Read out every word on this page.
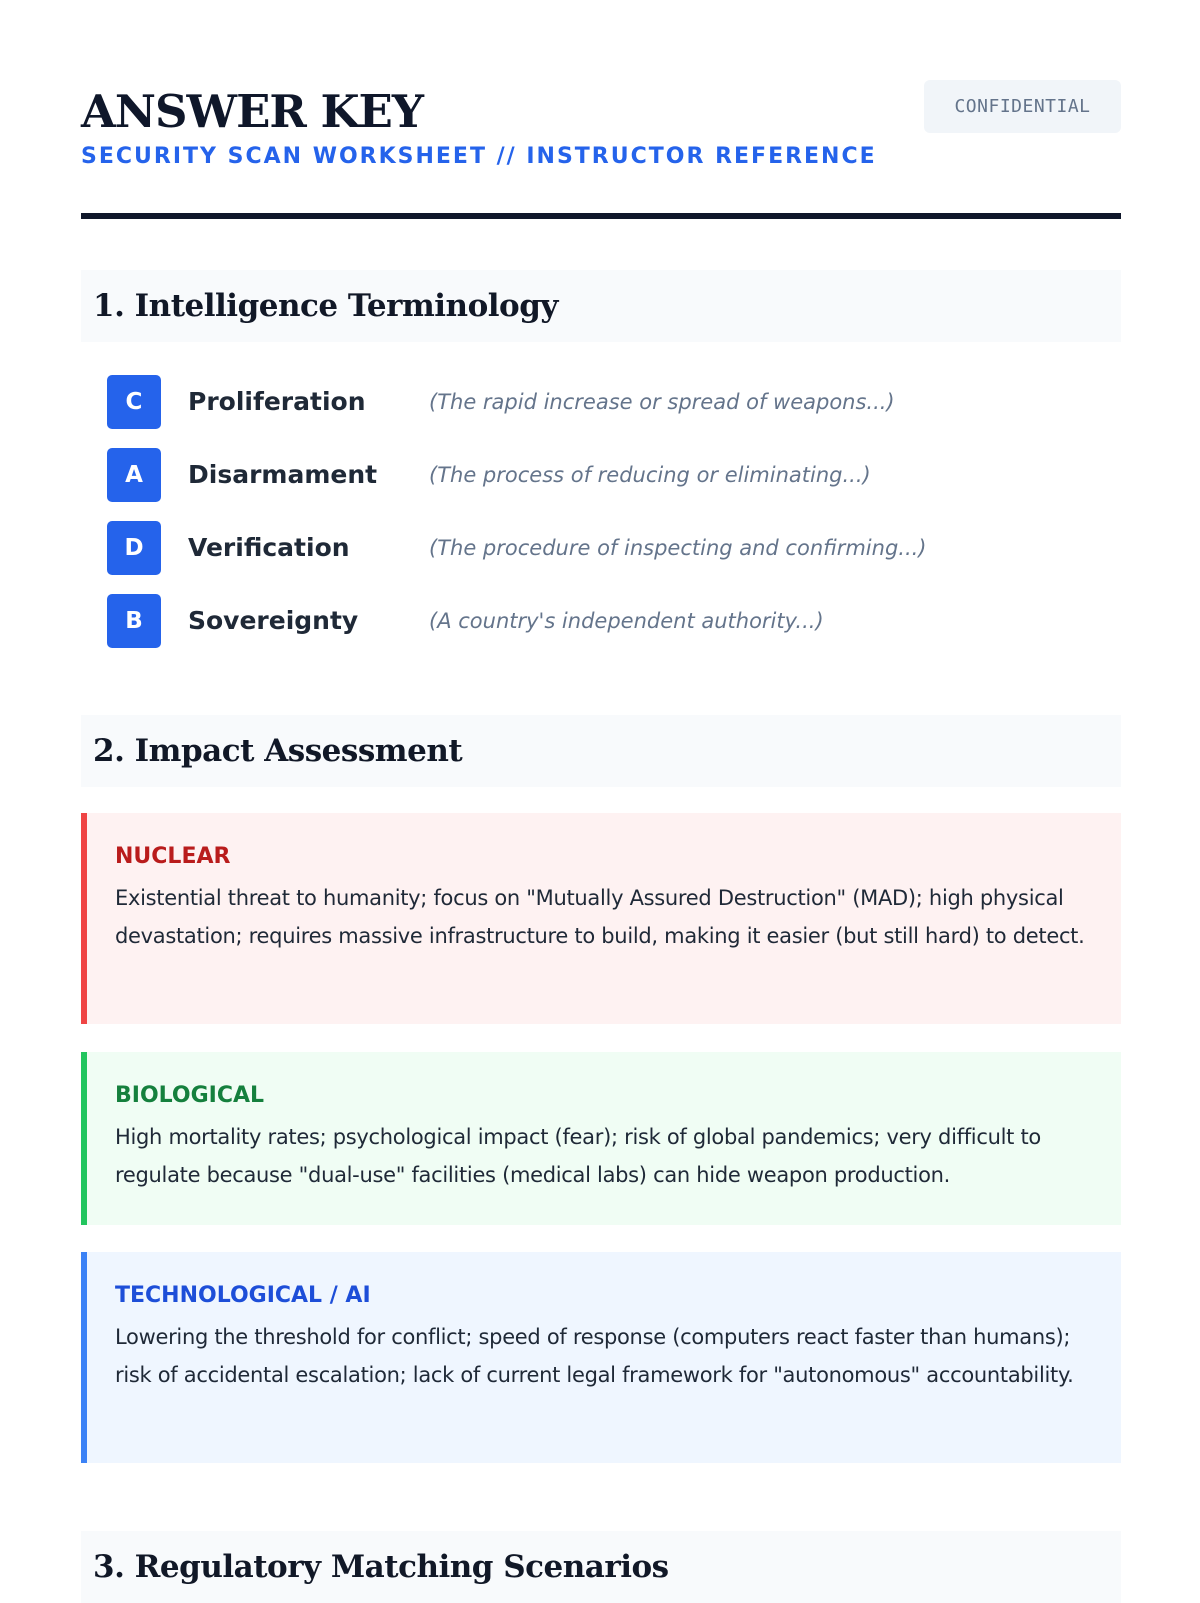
ANSWER KEY
SECURITY SCAN WORKSHEET // INSTRUCTOR REFERENCE
CONFIDENTIAL
1. Intelligence Terminology
C	Proliferation	(The rapid increase or spread of weapons...)
A	Disarmament (The process of reducing or eliminating...)
D	Verification	(The procedure of inspecting and confirming...)
B	Sovereignty	(A country's independent authority...)
2. Impact Assessment
NUCLEAR

Existential threat to humanity; focus on "Mutually Assured Destruction" (MAD); high physical devastation; requires massive infrastructure to build, making it easier (but still hard) to detect.

BIOLOGICAL

High mortality rates; psychological impact (fear); risk of global pandemics; very difficult to regulate because "dual-use" facilities (medical labs) can hide weapon production.

TECHNOLOGICAL / AI

Lowering the threshold for conflict; speed of response (computers react faster than humans); risk of accidental escalation; lack of current legal framework for "autonomous" accountability.

3. Regulatory Matching Scenarios
